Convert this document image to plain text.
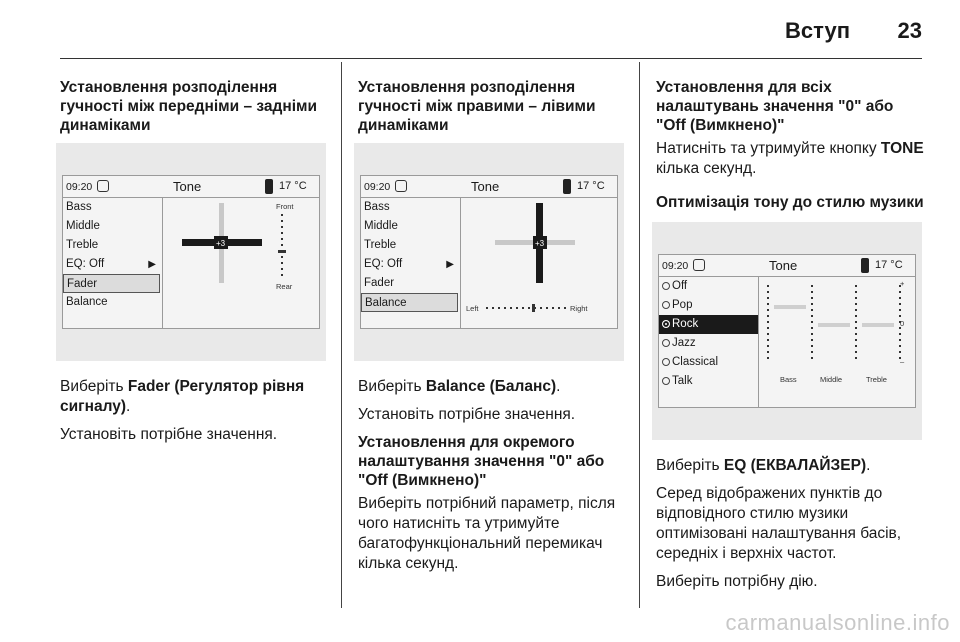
Вступ 23
Установлення розподілення гучності між передніми – задніми динаміками
09:20	Tone	17 °C
Bass
Middle
Treble
EQ: Off	▶
Fader
Balance
+3
Front
Rear

Виберіть Fader (Регулятор рівня сигналу).

Установіть потрібне значення.

Установлення розподілення гучності між правими – лівими динаміками
09:20	Tone	17 °C
Bass
Middle
Treble
EQ: Off	▶
Fader
Balance
+3
Left	Right

Виберіть Balance (Баланс).

Установіть потрібне значення.

Установлення для окремого налаштування значення "0" або "Off (Вимкнено)"

Виберіть потрібний параметр, після чого натисніть та утримуйте багатофункціональний перемикач кілька секунд.

Установлення для всіх налаштувань значення "0" або "Off (Вимкнено)"

Натисніть та утримуйте кнопку TONE кілька секунд.

Оптимізація тону до стилю музики
09:20	Tone	17 °C
Off
Pop
Rock
Jazz
Classical
Talk
+
0
–
Bass	Middle	Treble

Виберіть EQ (ЕКВАЛАЙЗЕР).

Серед відображених пунктів до відповідного стилю музики оптимізовані налаштування басів, середніх і верхніх частот.

Виберіть потрібну дію.

carmanualsonline.info
